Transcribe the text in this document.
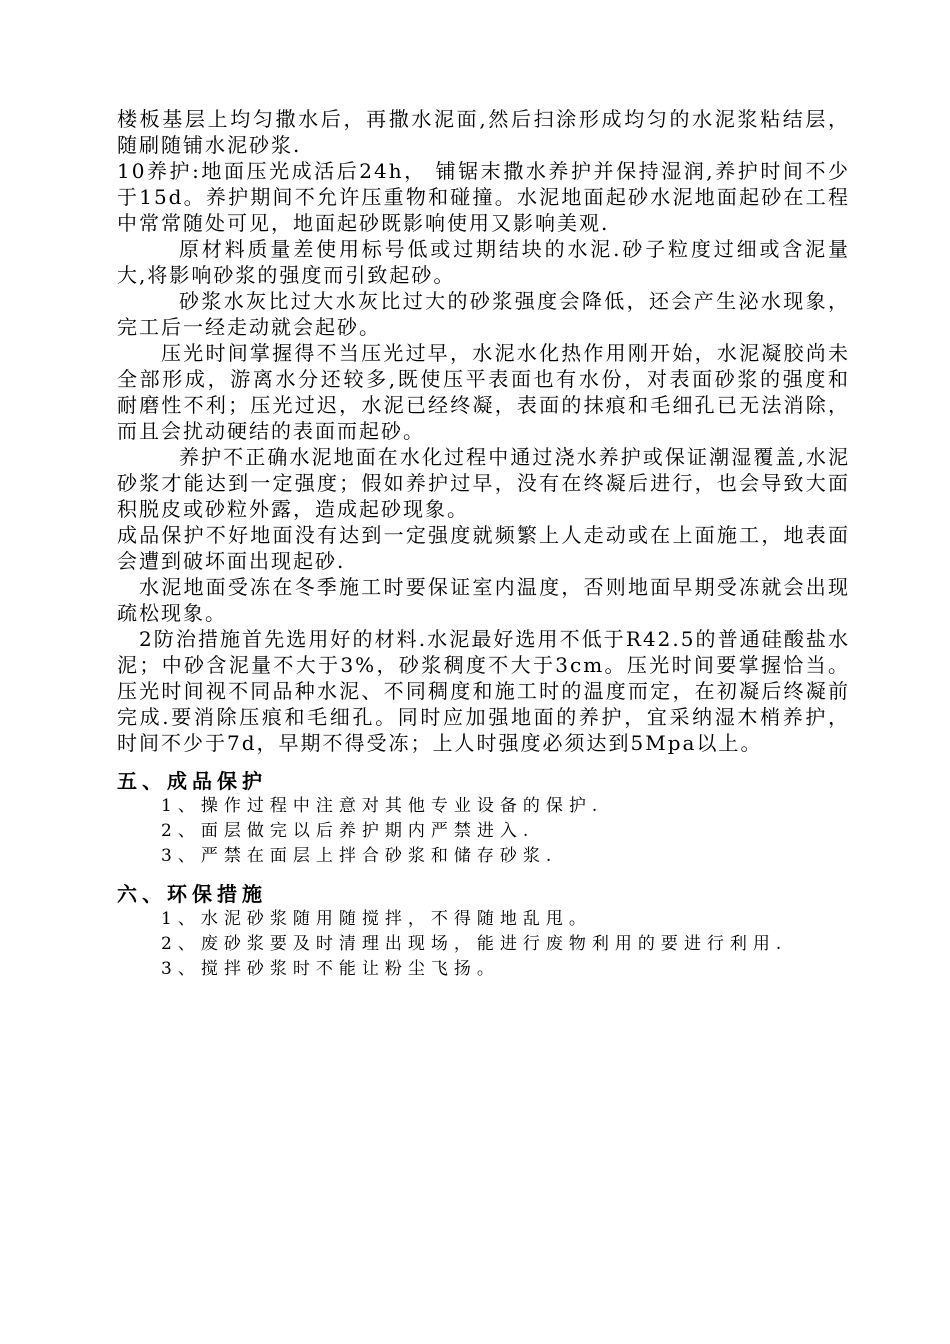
楼板基层上均匀撒水后，再撒水泥面,然后扫涂形成均匀的水泥浆粘结层，随刷随铺水泥砂浆.

10养护:地面压光成活后24h， 铺锯末撒水养护并保持湿润,养护时间不少于15d。养护期间不允许压重物和碰撞。水泥地面起砂水泥地面起砂在工程中常常随处可见，地面起砂既影响使用又影响美观.

原材料质量差使用标号低或过期结块的水泥.砂子粒度过细或含泥量大,将影响砂浆的强度而引致起砂。

砂浆水灰比过大水灰比过大的砂浆强度会降低，还会产生泌水现象，完工后一经走动就会起砂。

压光时间掌握得不当压光过早，水泥水化热作用刚开始，水泥凝胶尚未全部形成，游离水分还较多,既使压平表面也有水份，对表面砂浆的强度和耐磨性不利；压光过迟，水泥已经终凝，表面的抹痕和毛细孔已无法消除，而且会扰动硬结的表面而起砂。

养护不正确水泥地面在水化过程中通过浇水养护或保证潮湿覆盖,水泥砂浆才能达到一定强度；假如养护过早，没有在终凝后进行，也会导致大面积脱皮或砂粒外露，造成起砂现象。

成品保护不好地面没有达到一定强度就频繁上人走动或在上面施工，地表面会遭到破坏面出现起砂.

水泥地面受冻在冬季施工时要保证室内温度，否则地面早期受冻就会出现疏松现象。

2防治措施首先选用好的材料.水泥最好选用不低于R42.5的普通硅酸盐水泥；中砂含泥量不大于3%，砂浆稠度不大于3cm。压光时间要掌握恰当。压光时间视不同品种水泥、不同稠度和施工时的温度而定，在初凝后终凝前完成.要消除压痕和毛细孔。同时应加强地面的养护，宜采纳湿木梢养护，时间不少于7d，早期不得受冻；上人时强度必须达到5Mpa以上。

五、成品保护

1、操作过程中注意对其他专业设备的保护.

2、面层做完以后养护期内严禁进入.

3、严禁在面层上拌合砂浆和储存砂浆.

六、环保措施

1、水泥砂浆随用随搅拌，不得随地乱甩。

2、废砂浆要及时清理出现场，能进行废物利用的要进行利用.

3、搅拌砂浆时不能让粉尘飞扬。
